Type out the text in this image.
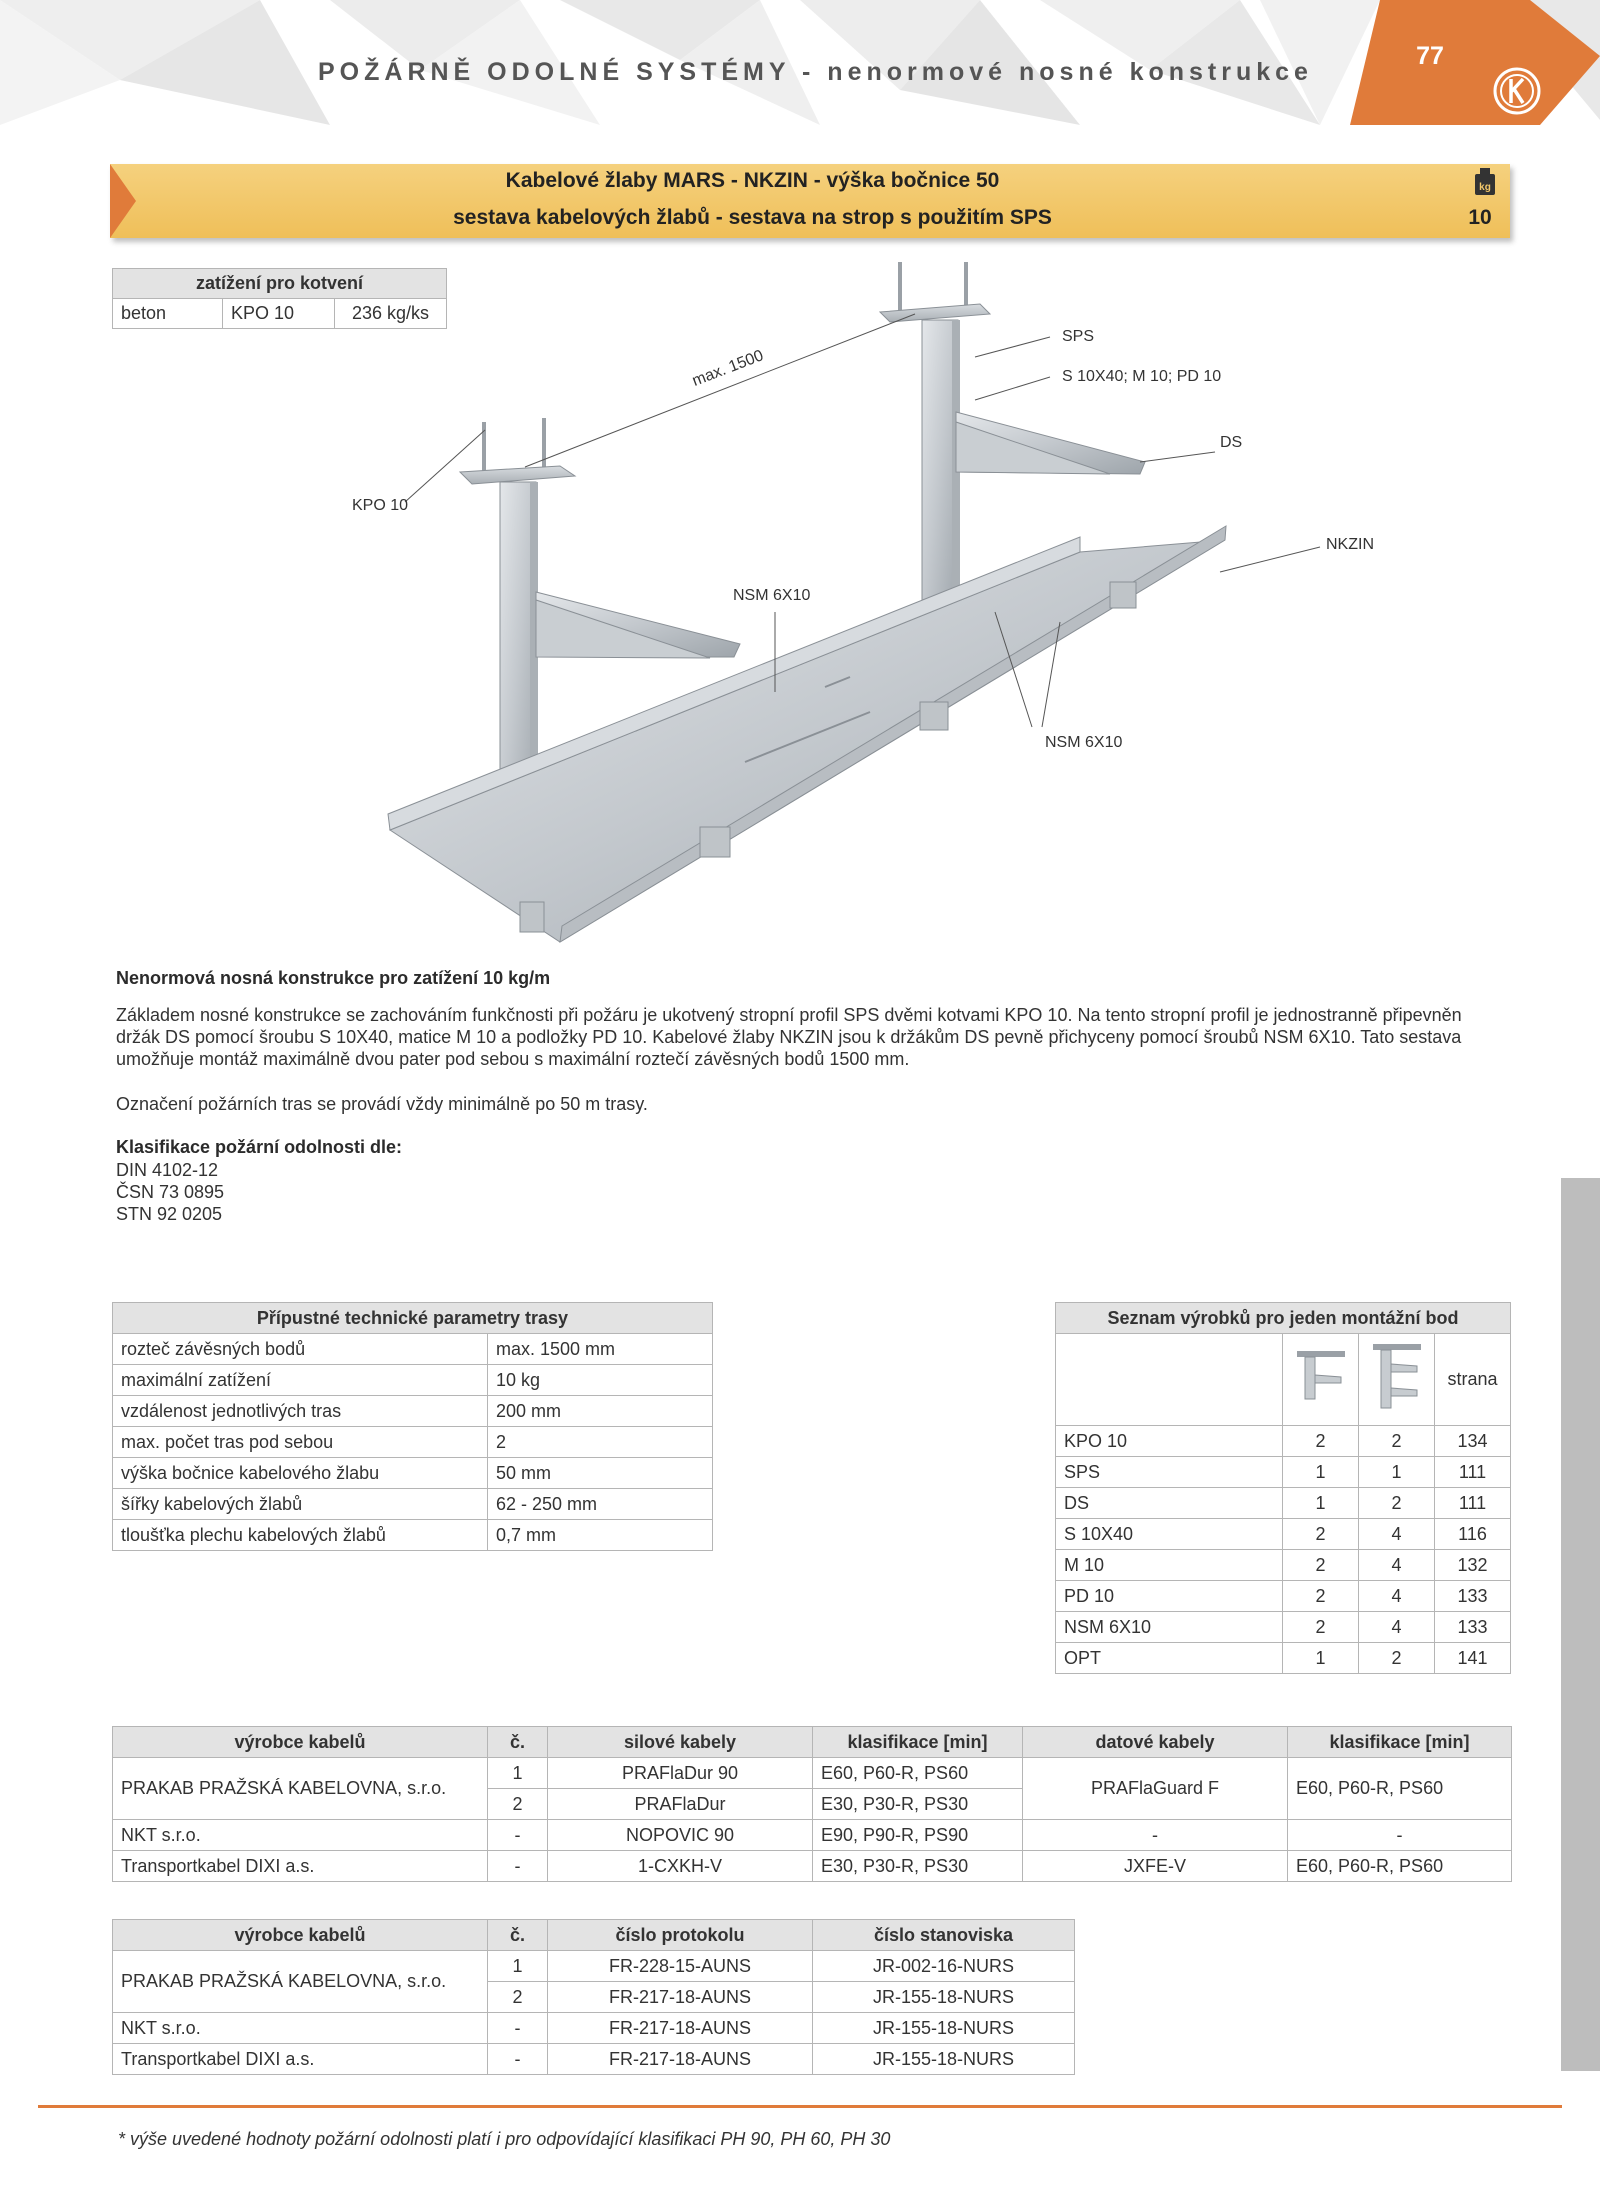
POŽÁRNĚ ODOLNÉ SYSTÉMY - nenormové nosné konstrukce
77
Kabelové žlaby MARS - NKZIN - výška bočnice 50
sestava kabelových žlabů - sestava na strop s použitím SPS
kg
10
zatížení pro kotvení
beton	KPO 10	236 kg/ks
SPS
S 10X40; M 10; PD 10
DS
NKZIN
KPO 10
max. 1500
NSM 6X10
NSM 6X10
Nenormová nosná konstrukce pro zatížení 10 kg/m
Základem nosné konstrukce se zachováním funkčnosti při požáru je ukotvený stropní profil SPS dvěmi kotvami KPO 10. Na tento stropní profil je jednostranně připevněn držák DS pomocí šroubu S 10X40, matice M 10 a podložky PD 10. Kabelové žlaby NKZIN jsou k držákům DS pevně přichyceny pomocí šroubů NSM 6X10. Tato sestava umožňuje montáž maximálně dvou pater pod sebou s maximální roztečí závěsných bodů 1500 mm.
Označení požárních tras se provádí vždy minimálně po 50 m trasy.
Klasifikace požární odolnosti dle:
DIN 4102-12
ČSN 73 0895
STN 92 0205
Přípustné technické parametry trasy	
rozteč závěsných bodů	max. 1500 mm
maximální zatížení	10 kg
vzdálenost jednotlivých tras	200 mm
max. počet tras pod sebou	2
výška bočnice kabelového žlabu	50 mm
šířky kabelových žlabů	62 - 250 mm
tloušťka plechu kabelových žlabů	0,7 mm
Seznam výrobků pro jeden montážní bod			
			strana
KPO 10	2	2	134
SPS	1	1	111
DS	1	2	111
S 10X40	2	4	116
M 10	2	4	132
PD 10	2	4	133
NSM 6X10	2	4	133
OPT	1	2	141
výrobce kabelů	č.	silové kabely	klasifikace [min]	datové kabely	klasifikace [min]
PRAKAB PRAŽSKÁ KABELOVNA, s.r.o.	1	PRAFlaDur 90	E60, P60-R, PS60	PRAFlaGuard F	E60, P60-R, PS60
	2	PRAFlaDur	E30, P30-R, PS30		
NKT s.r.o.	-	NOPOVIC 90	E90, P90-R, PS90	-	-
Transportkabel DIXI a.s.	-	1-CXKH-V	E30, P30-R, PS30	JXFE-V	E60, P60-R, PS60
výrobce kabelů	č.	číslo protokolu	číslo stanoviska
PRAKAB PRAŽSKÁ KABELOVNA, s.r.o.	1	FR-228-15-AUNS	JR-002-16-NURS
	2	FR-217-18-AUNS	JR-155-18-NURS
NKT s.r.o.	-	FR-217-18-AUNS	JR-155-18-NURS
Transportkabel DIXI a.s.	-	FR-217-18-AUNS	JR-155-18-NURS
* výše uvedené hodnoty požární odolnosti platí i pro odpovídající klasifikaci PH 90, PH 60, PH 30
